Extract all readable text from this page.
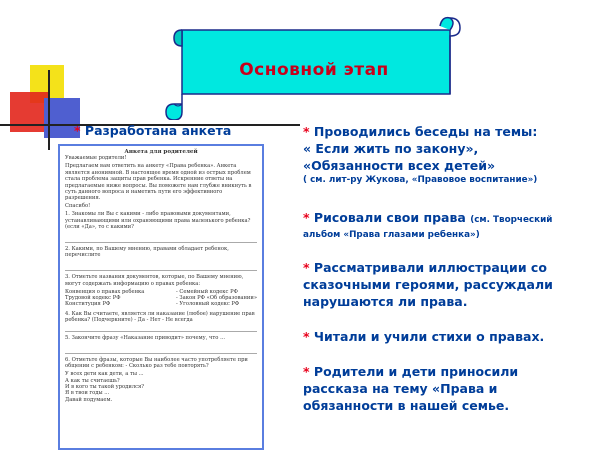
Основной этап
* Разработана анкета
Анкета для родителей

Уважаемые родители!

Предлагаем вам ответить на анкету «Права ребенка». Анкета является анонимной. В настоящее время одной из острых проблем стала проблема защиты прав ребенка. Искренние ответы на предлагаемые ниже вопросы. Вы поможете нам глубже вникнуть в суть данного вопроса и наметить пути его эффективного разрешения.

Спасибо!

1. Знакомы ли Вы с какими - либо правовыми документами, устанавливающими или охраняющими права маленького ребенка? (если «Да», то с какими?

2. Какими, по Вашему мнению, правами обладает ребенок, перечислите

3. Отметьте названия документов, которые, по Вашему мнению, могут содержать информацию о правах ребенка:

Конвенция о правах ребенка
Трудовой кодекс РФ
Конституция РФ
- Семейный кодекс РФ
- Закон РФ «Об образовании»
- Уголовный кодекс РФ

4. Как Вы считаете, является ли наказание (любое) нарушение прав ребенка? (Подчеркните) - Да - Нет - Не всегда

5. Закончите фразу «Наказание приводит» почему, что ...

6. Отметьте фразы, которые Вы наиболее часто употребляете при общении с ребенком: - Сколько раз тебе повторять?

У всех дети как дети, а ты ...
А как ты считаешь?
И в кого ты такой уродился?
Я в твои годы ...
Давай подумаем.
* Проводились беседы на темы:
« Если жить по закону»,
«Обязанности всех детей»
( см. лит-ру Жукова, «Правовое воспитание»)
* Рисовали свои права (см. Творческий
альбом «Права глазами ребенка»)
* Рассматривали иллюстрации со
сказочными героями, рассуждали
нарушаются ли права.
* Читали и учили стихи о правах.
* Родители и дети приносили
рассказа на тему «Права и
обязанности в нашей семье.
